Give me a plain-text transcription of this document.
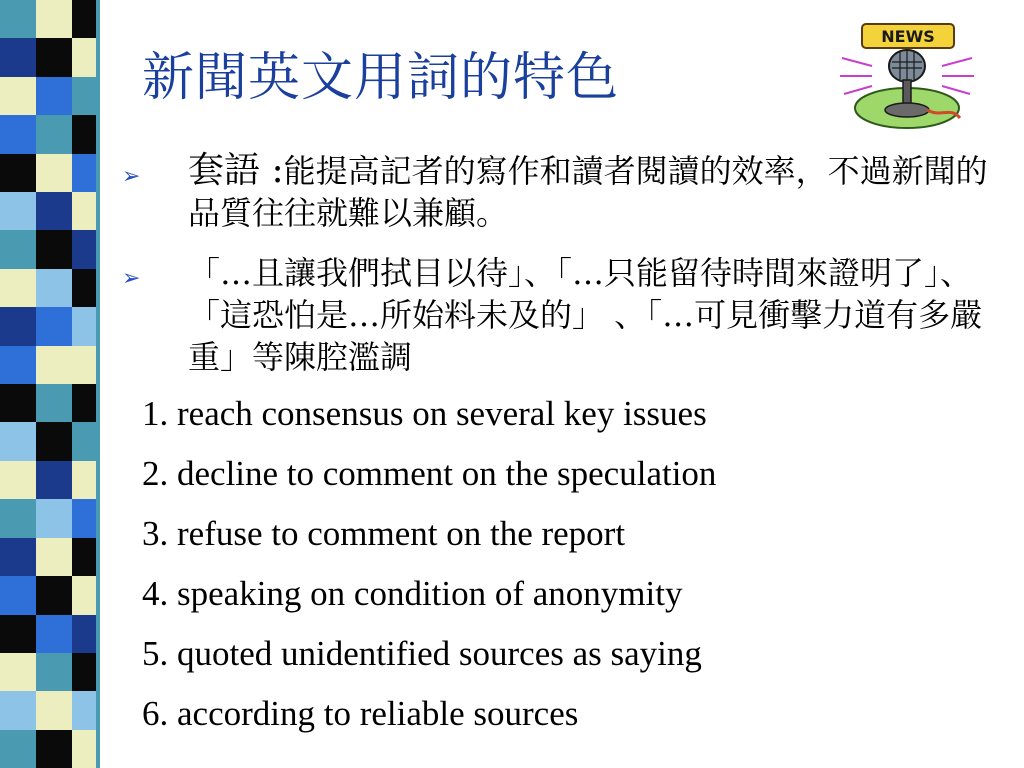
新聞英文用詞的特色
NEWS
➢ 套語 :能提高記者的寫作和讀者閱讀的效率，不過新聞的品質往往就難以兼顧。
➢ 「…且讓我們拭目以待」、「…只能留待時間來證明了」、「這恐怕是…所始料未及的」 、「…可見衝擊力道有多嚴重」等陳腔濫調
1. reach consensus on several key issues
2. decline to comment on the speculation
3. refuse to comment on the report
4. speaking on condition of anonymity
5. quoted unidentified sources as saying
6. according to reliable sources
